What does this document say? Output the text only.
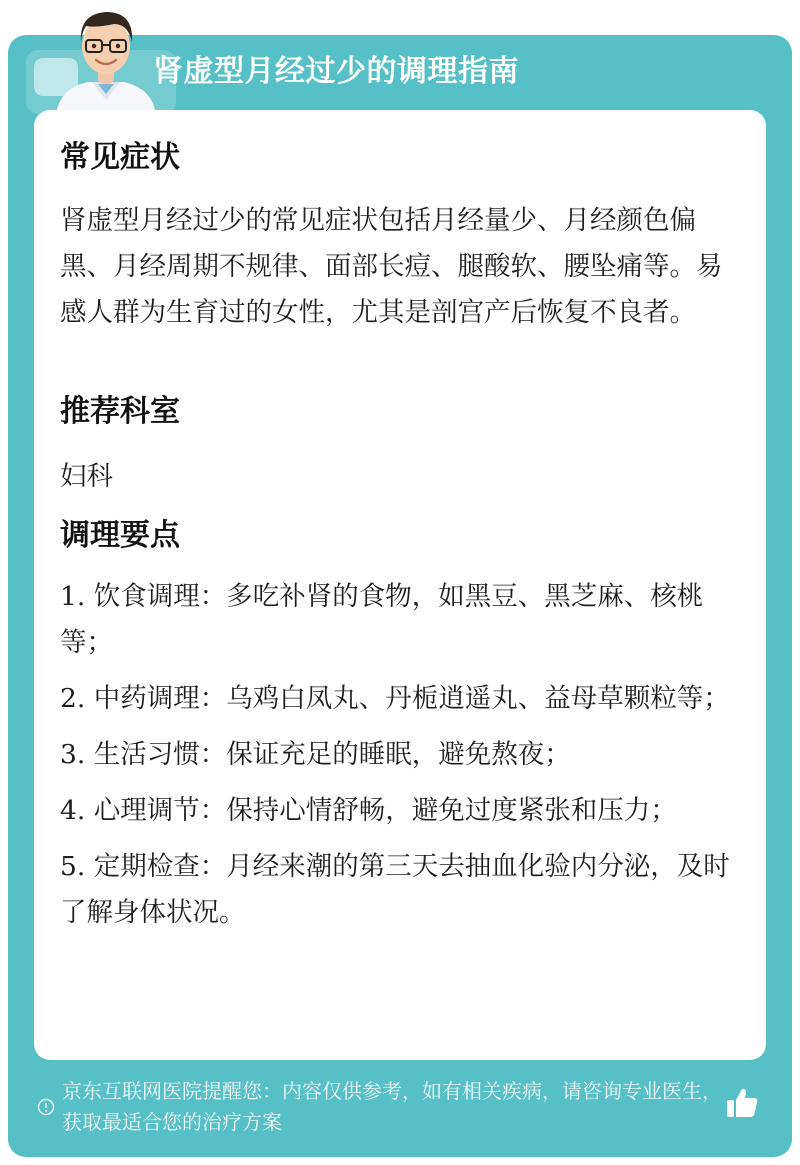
肾虚型月经过少的调理指南
常见症状
肾虚型月经过少的常见症状包括月经量少、月经颜色偏黑、月经周期不规律、面部长痘、腿酸软、腰坠痛等。易感人群为生育过的女性，尤其是剖宫产后恢复不良者。
推荐科室
妇科
调理要点
1. 饮食调理：多吃补肾的食物，如黑豆、黑芝麻、核桃等；
2. 中药调理：乌鸡白凤丸、丹栀逍遥丸、益母草颗粒等；
3. 生活习惯：保证充足的睡眠，避免熬夜；
4. 心理调节：保持心情舒畅，避免过度紧张和压力；
5. 定期检查：月经来潮的第三天去抽血化验内分泌，及时了解身体状况。
京东互联网医院提醒您：内容仅供参考，如有相关疾病，请咨询专业医生，获取最适合您的治疗方案
